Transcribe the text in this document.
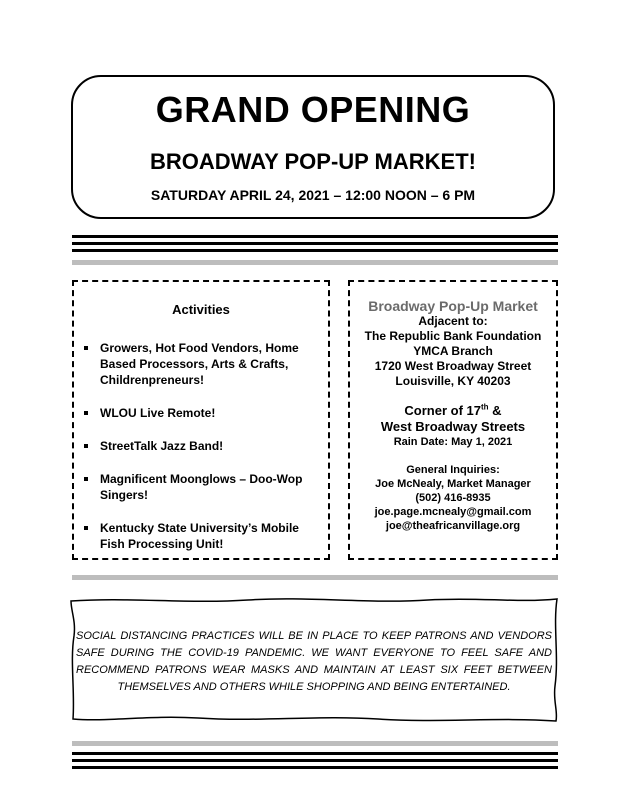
GRAND OPENING
BROADWAY POP-UP MARKET!
SATURDAY APRIL 24, 2021 – 12:00 NOON – 6 PM
Activities
Growers, Hot Food Vendors, Home Based Processors, Arts & Crafts, Childrenpreneurs!
WLOU Live Remote!
StreetTalk Jazz Band!
Magnificent Moonglows – Doo-Wop Singers!
Kentucky State University’s Mobile Fish Processing Unit!
Broadway Pop-Up Market
Adjacent to:
The Republic Bank Foundation
YMCA Branch
1720 West Broadway Street
Louisville, KY 40203
Corner of 17th &
West Broadway Streets
Rain Date: May 1, 2021
General Inquiries:
Joe McNealy, Market Manager
(502) 416-8935
joe.page.mcnealy@gmail.com
joe@theafricanvillage.org
SOCIAL DISTANCING PRACTICES WILL BE IN PLACE TO KEEP PATRONS AND VENDORS SAFE DURING THE COVID-19 PANDEMIC. WE WANT EVERYONE TO FEEL SAFE AND RECOMMEND PATRONS WEAR MASKS AND MAINTAIN AT LEAST SIX FEET BETWEEN THEMSELVES AND OTHERS WHILE SHOPPING AND BEING ENTERTAINED.
